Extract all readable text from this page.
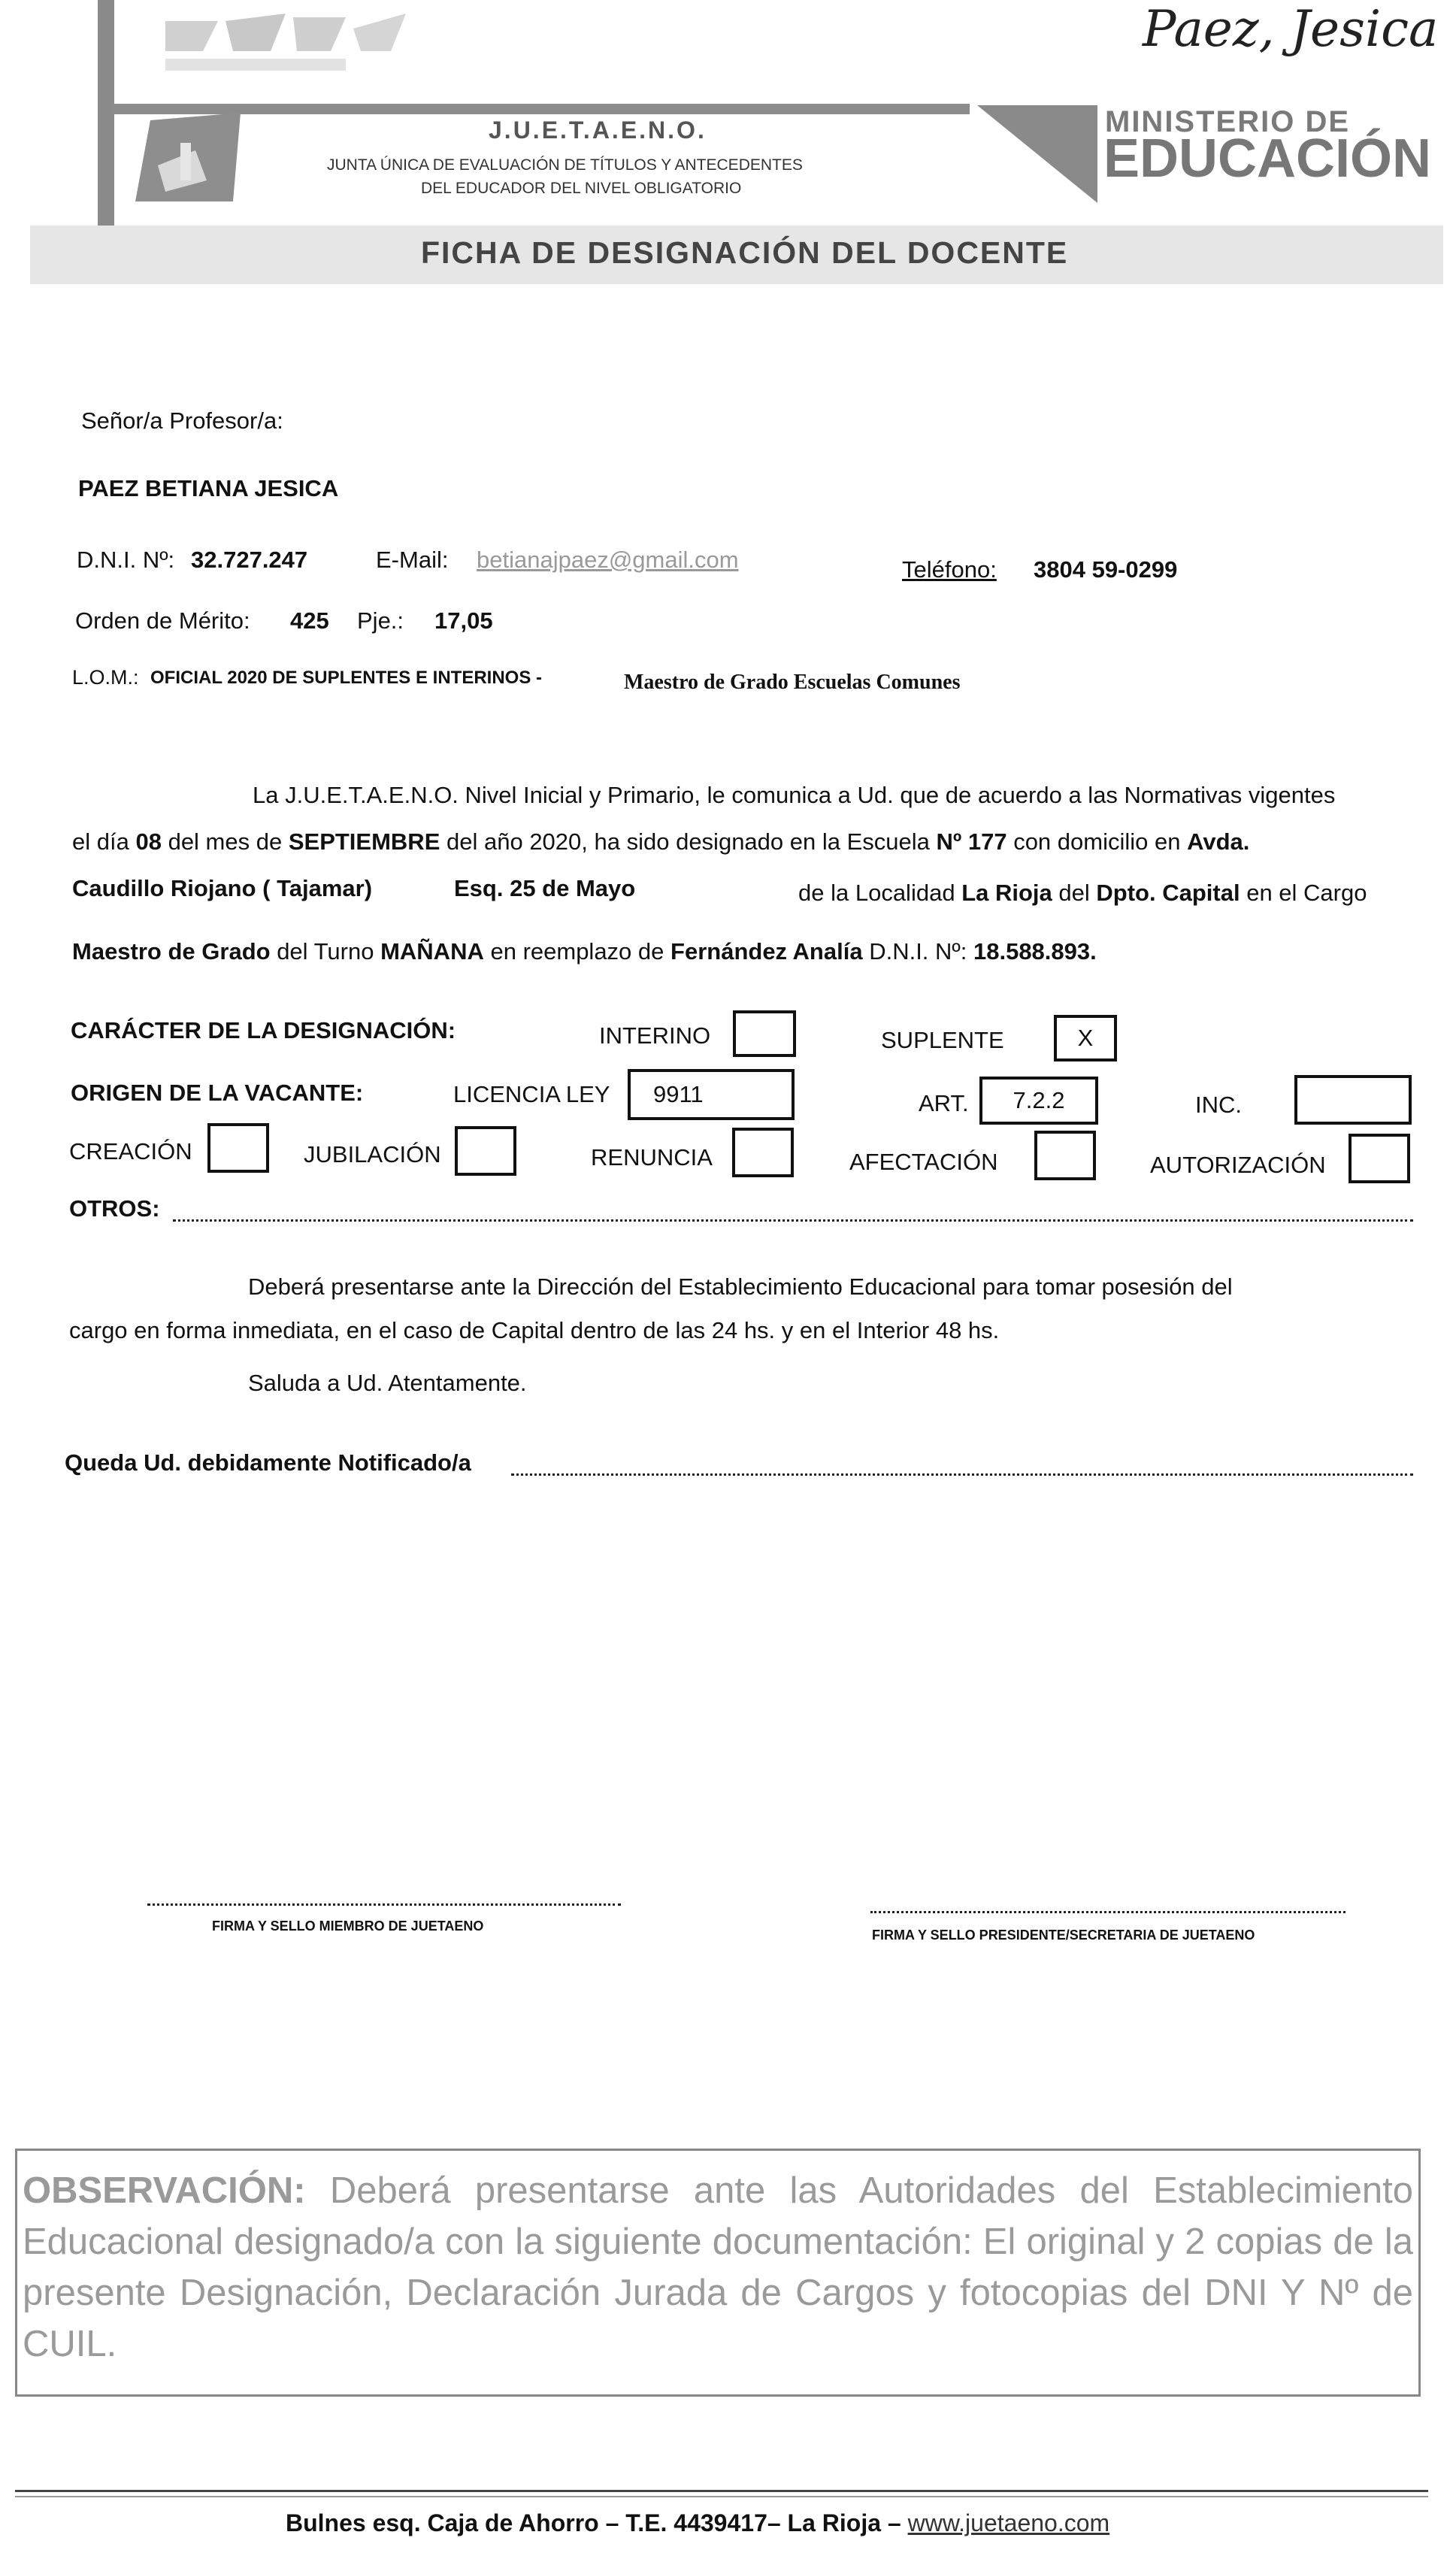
J.U.E.T.A.E.N.O.
JUNTA ÚNICA DE EVALUACIÓN DE TÍTULOS Y ANTECEDENTES
DEL EDUCADOR DEL NIVEL OBLIGATORIO
MINISTERIO DE
EDUCACIÓN
Paez, Jesica
FICHA DE DESIGNACIÓN DEL DOCENTE
Señor/a Profesor/a:
PAEZ BETIANA JESICA
D.N.I. Nº: 32.727.247	E-Mail: betianajpaez@gmail.com	Teléfono: 3804 59-0299
Orden de Mérito: 425 Pje.: 17,05
L.O.M.: OFICIAL 2020 DE SUPLENTES E INTERINOS -	Maestro de Grado Escuelas Comunes
La J.U.E.T.A.E.N.O. Nivel Inicial y Primario, le comunica a Ud. que de acuerdo a las Normativas vigentes
el día 08 del mes de SEPTIEMBRE del año 2020, ha sido designado en la Escuela Nº 177 con domicilio en Avda.
Caudillo Riojano ( Tajamar)	Esq. 25 de Mayo	de la Localidad La Rioja del Dpto. Capital en el Cargo
Maestro de Grado del Turno MAÑANA en reemplazo de Fernández Analía D.N.I. Nº: 18.588.893.
CARÁCTER DE LA DESIGNACIÓN:	INTERINO	SUPLENTE	X
ORIGEN DE LA VACANTE:	LICENCIA LEY	9911	ART.	7.2.2	INC.
CREACIÓN	JUBILACIÓN	RENUNCIA	AFECTACIÓN	AUTORIZACIÓN
OTROS:
Deberá presentarse ante la Dirección del Establecimiento Educacional para tomar posesión del
cargo en forma inmediata, en el caso de Capital dentro de las 24 hs. y en el Interior 48 hs.
Saluda a Ud. Atentamente.
Queda Ud. debidamente Notificado/a
FIRMA Y SELLO MIEMBRO DE JUETAENO
FIRMA Y SELLO PRESIDENTE/SECRETARIA DE JUETAENO
OBSERVACIÓN: Deberá presentarse ante las Autoridades del Establecimiento Educacional designado/a con la siguiente documentación: El original y 2 copias de la presente Designación, Declaración Jurada de Cargos y fotocopias del DNI Y Nº de CUIL.
Bulnes esq. Caja de Ahorro – T.E. 4439417– La Rioja – www.juetaeno.com
